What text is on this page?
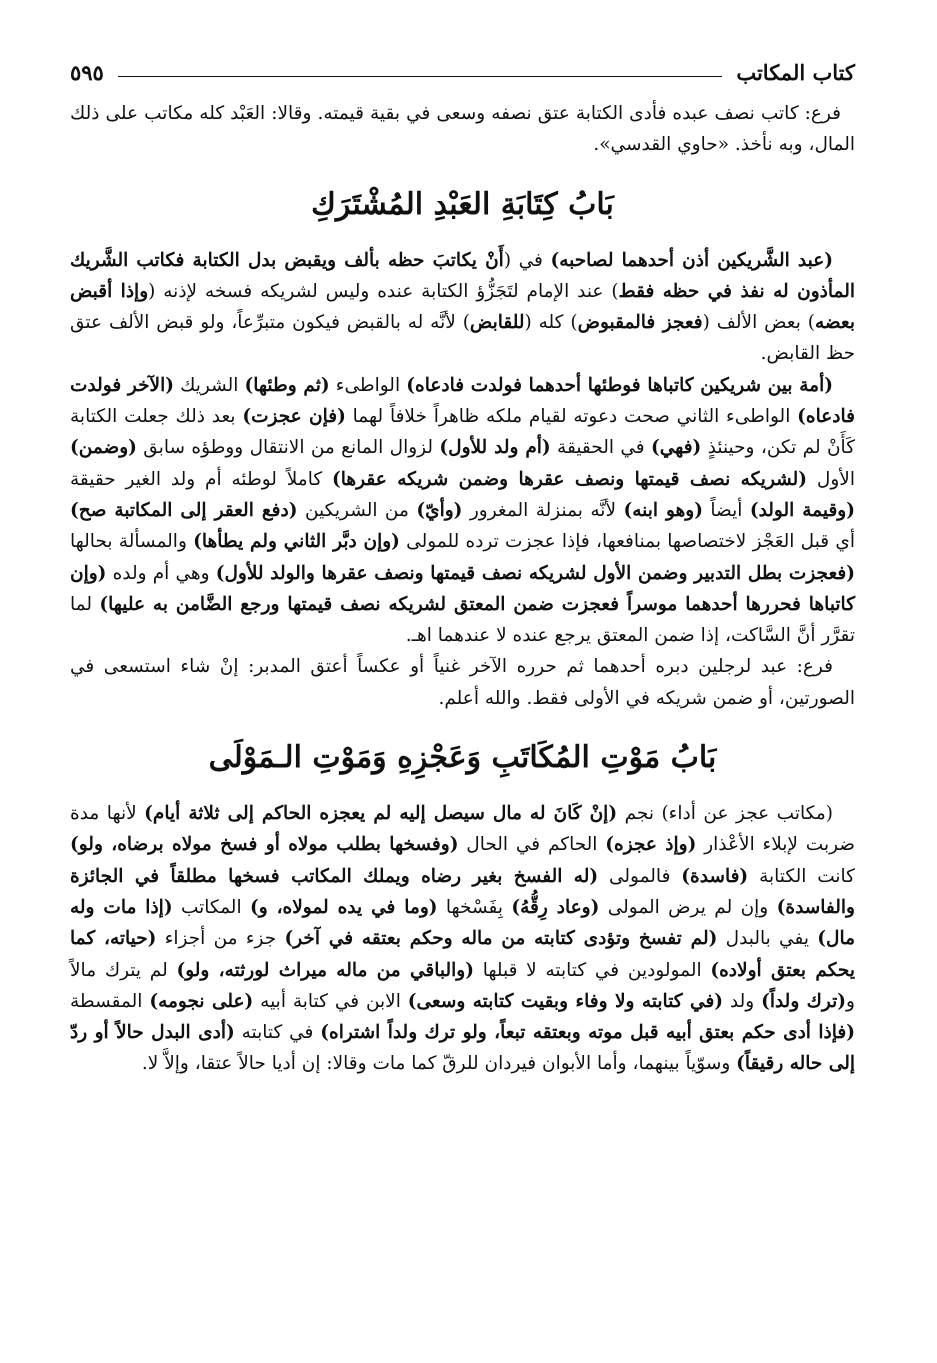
كتاب المكاتب
٥٩٥

فرع: كاتب نصف عبده فأدى الكتابة عتق نصفه وسعى في بقية قيمته. وقالا: العَبْد كله مكاتب على ذلك المال، وبه نأخذ. «حاوي القدسي».

بَابُ كِتَابَةِ العَبْدِ المُشْتَرَكِ

(عبد الشَّريكين أذن أحدهما لصاحبه) في (أَنْ يكاتبَ حظه بألف ويقبض بدل الكتابة فكاتب الشَّريك المأذون له نفذ في حظه فقط) عند الإمام لتَجَزُّؤ الكتابة عنده وليس لشريكه فسخه لإذنه (وإذا أقبض بعضه) بعض الألف (فعجز فالمقبوض) كله (للقابض) لأنَّه له بالقبض فيكون متبرِّعاً، ولو قبض الألف عتق حظ القابض.

(أمة بين شريكين كاتباها فوطئها أحدهما فولدت فادعاه) الواطىء (ثم وطئها) الشريك (الآخر فولدت فادعاه) الواطىء الثاني صحت دعوته لقيام ملكه ظاهراً خلافاً لهما (فإن عجزت) بعد ذلك جعلت الكتابة كَأَنْ لم تكن، وحينئذٍ (فهي) في الحقيقة (أم ولد للأول) لزوال المانع من الانتقال ووطؤه سابق (وضمن) الأول (لشريكه نصف قيمتها ونصف عقرها وضمن شريكه عقرها) كاملاً لوطئه أم ولد الغير حقيقة (وقيمة الولد) أيضاً (وهو ابنه) لأنَّه بمنزلة المغرور (وأيّ) من الشريكين (دفع العقر إلى المكاتبة صح) أي قبل العَجْز لاختصاصها بمنافعها، فإذا عجزت ترده للمولى (وإن دبَّر الثاني ولم يطأها) والمسألة بحالها (فعجزت بطل التدبير وضمن الأول لشريكه نصف قيمتها ونصف عقرها والولد للأول) وهي أم ولده (وإن كاتباها فحررها أحدهما موسراً فعجزت ضمن المعتق لشريكه نصف قيمتها ورجع الضَّامن به عليها) لما تقرَّر أنَّ السَّاكت، إذا ضمن المعتق يرجع عنده لا عندهما اهـ.

فرع: عبد لرجلين دبره أحدهما ثم حرره الآخر غنياً أو عكساً أعتق المدبر: إنْ شاء استسعى في الصورتين، أو ضمن شريكه في الأولى فقط. والله أعلم.

بَابُ مَوْتِ المُكَاتَبِ وَعَجْزِهِ وَمَوْتِ الـمَوْلَى

(مكاتب عجز عن أداء) نجم (إنْ كَانَ له مال سيصل إليه لم يعجزه الحاكم إلى ثلاثة أيام) لأنها مدة ضربت لإبلاء الأعْذار (وإذ عجزه) الحاكم في الحال (وفسخها بطلب مولاه أو فسخ مولاه برضاه، ولو) كانت الكتابة (فاسدة) فالمولى (له الفسخ بغير رضاه ويملك المكاتب فسخها مطلقاً في الجائزة والفاسدة) وإن لم يرض المولى (وعاد رِقُّهُ) بِفَسْخها (وما في يده لمولاه، و) المكاتب (إذا مات وله مال) يفي بالبدل (لم تفسخ وتؤدى كتابته من ماله وحكم بعتقه في آخر) جزء من أجزاء (حياته، كما يحكم بعتق أولاده) المولودين في كتابته لا قبلها (والباقي من ماله ميراث لورثته، ولو) لم يترك مالاً و(ترك ولداً) ولد (في كتابته ولا وفاء وبقيت كتابته وسعى) الابن في كتابة أبيه (على نجومه) المقسطة (فإذا أدى حكم بعتق أبيه قبل موته وبعتقه تبعاً، ولو ترك ولداً اشتراه) في كتابته (أدى البدل حالاً أو ردّ إلى حاله رقيقاً) وسوّياً بينهما، وأما الأبوان فيردان للرقّ كما مات وقالا: إن أديا حالاً عتقا، وإلاَّ لا.
